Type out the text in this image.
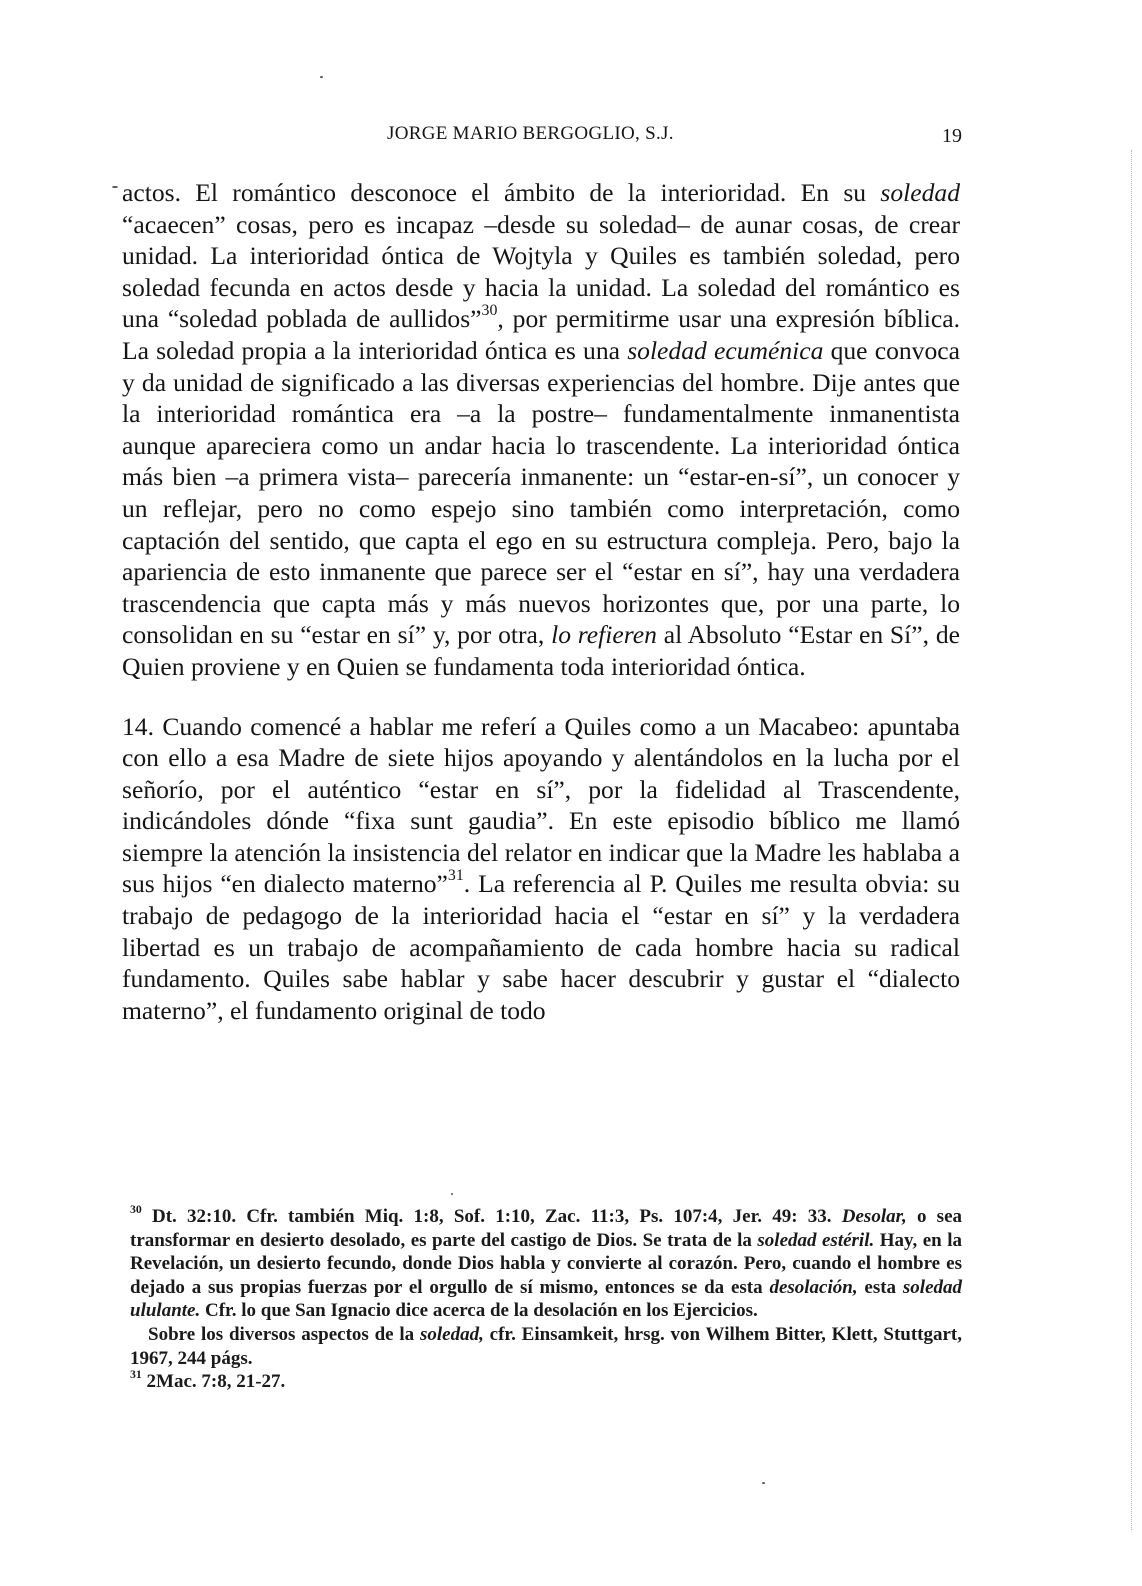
JORGE MARIO BERGOGLIO, S.J.	19

actos. El romántico desconoce el ámbito de la interioridad. En su soledad “acaecen” cosas, pero es incapaz –desde su soledad– de aunar cosas, de crear unidad. La interioridad óntica de Wojtyla y Quiles es también soledad, pero soledad fecunda en actos desde y hacia la unidad. La soledad del romántico es una “soledad poblada de aullidos”$^{30}$, por permitirme usar una expresión bíblica. La soledad propia a la interioridad óntica es una soledad ecuménica que convoca y da unidad de significado a las diversas experiencias del hombre. Dije antes que la interioridad romántica era –a la postre– fundamentalmente inmanentista aunque apareciera como un andar hacia lo trascendente. La interioridad óntica más bien –a primera vista– parecería inmanente: un “estar-en-sí”, un conocer y un reflejar, pero no como espejo sino también como interpretación, como captación del sentido, que capta el ego en su estructura compleja. Pero, bajo la apariencia de esto inmanente que parece ser el “estar en sí”, hay una verdadera trascendencia que capta más y más nuevos horizontes que, por una parte, lo consolidan en su “estar en sí” y, por otra, lo refieren al Absoluto “Estar en Sí”, de Quien proviene y en Quien se fundamenta toda interioridad óntica.

14. Cuando comencé a hablar me referí a Quiles como a un Macabeo: apuntaba con ello a esa Madre de siete hijos apoyando y alentándolos en la lucha por el señorío, por el auténtico “estar en sí”, por la fidelidad al Trascendente, indicándoles dónde “fixa sunt gaudia”. En este episodio bíblico me llamó siempre la atención la insistencia del relator en indicar que la Madre les hablaba a sus hijos “en dialecto materno”$^{31}$. La referencia al P. Quiles me resulta obvia: su trabajo de pedagogo de la interioridad hacia el “estar en sí” y la verdadera libertad es un trabajo de acompañamiento de cada hombre hacia su radical fundamento. Quiles sabe hablar y sabe hacer descubrir y gustar el “dialecto materno”, el fundamento original de todo

$^{30}$ Dt. 32:10. Cfr. también Miq. 1:8, Sof. 1:10, Zac. 11:3, Ps. 107:4, Jer. 49: 33. Desolar, o sea transformar en desierto desolado, es parte del castigo de Dios. Se trata de la soledad estéril. Hay, en la Revelación, un desierto fecundo, donde Dios habla y convierte al corazón. Pero, cuando el hombre es dejado a sus propias fuerzas por el orgullo de sí mismo, entonces se da esta desolación, esta soledad ululante. Cfr. lo que San Ignacio dice acerca de la desolación en los Ejercicios.

Sobre los diversos aspectos de la soledad, cfr. Einsamkeit, hrsg. von Wilhem Bitter, Klett, Stuttgart, 1967, 244 págs.

$^{31}$ 2Mac. 7:8, 21-27.
